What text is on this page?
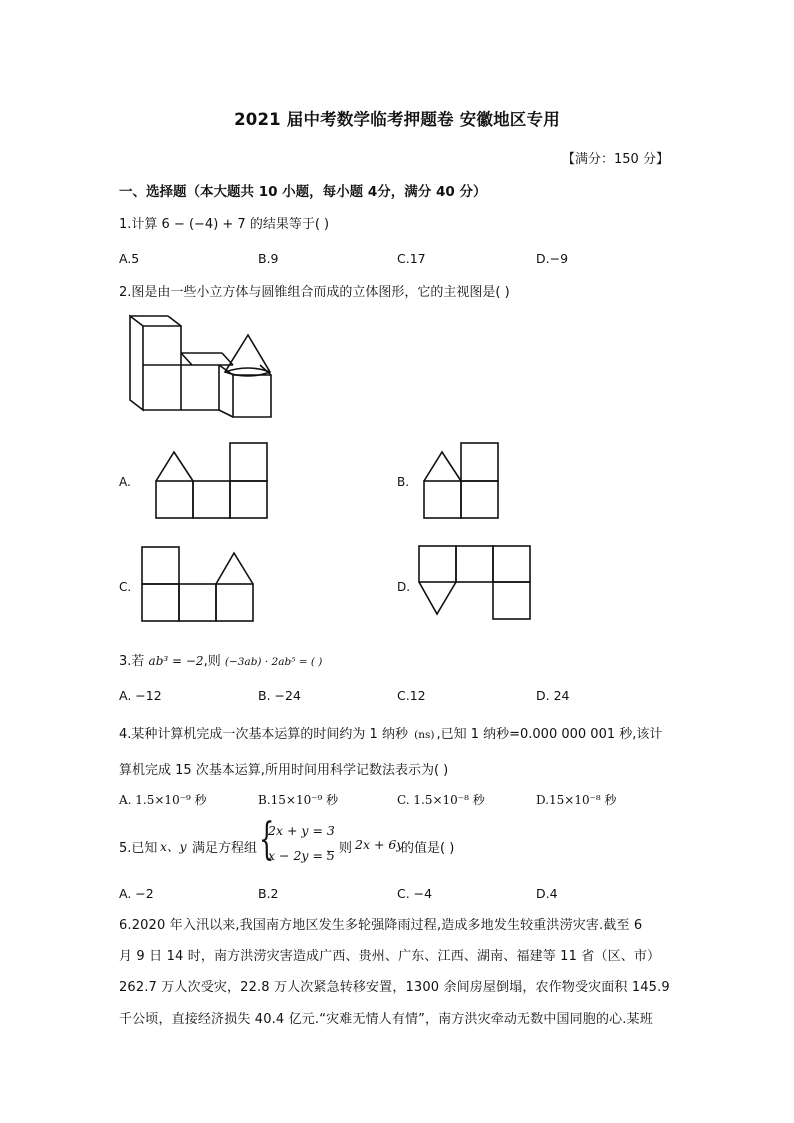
2021 届中考数学临考押题卷 安徽地区专用
【满分：150 分】
一、选择题（本大题共 10 小题，每小题 4分，满分 40 分）
1.计算 6 − (−4) + 7 的结果等于( )
A.5	B.9	C.17	D.−9
2.图是由一些小立方体与圆锥组合而成的立体图形，它的主视图是( )
A.	B.
C.	D.
3.若 ab³ = −2,则 (−3ab) · 2ab⁵ = ( )
A. −12	B. −24	C.12	D. 24
4.某种计算机完成一次基本运算的时间约为 1 纳秒 (ns) ,已知 1 纳秒=0.000 000 001 秒,该计
算机完成 15 次基本运算,所用时间用科学记数法表示为( )
A. 1.5×10⁻⁹ 秒	B.15×10⁻⁹ 秒	C. 1.5×10⁻⁸ 秒	D.15×10⁻⁸ 秒
5.已知 x、y 满足方程组 {
2x + y = 3
x − 2y = 5
，则 2x + 6y
的值是( )
A. −2	B.2	C. −4	D.4
6.2020 年入汛以来,我国南方地区发生多轮强降雨过程,造成多地发生较重洪涝灾害.截至 6
月 9 日 14 时，南方洪涝灾害造成广西、贵州、广东、江西、湖南、福建等 11 省（区、市）
262.7 万人次受灾，22.8 万人次紧急转移安置，1300 余间房屋倒塌，农作物受灾面积 145.9
千公顷，直接经济损失 40.4 亿元.“灾难无情人有情”，南方洪灾牵动无数中国同胞的心.某班
